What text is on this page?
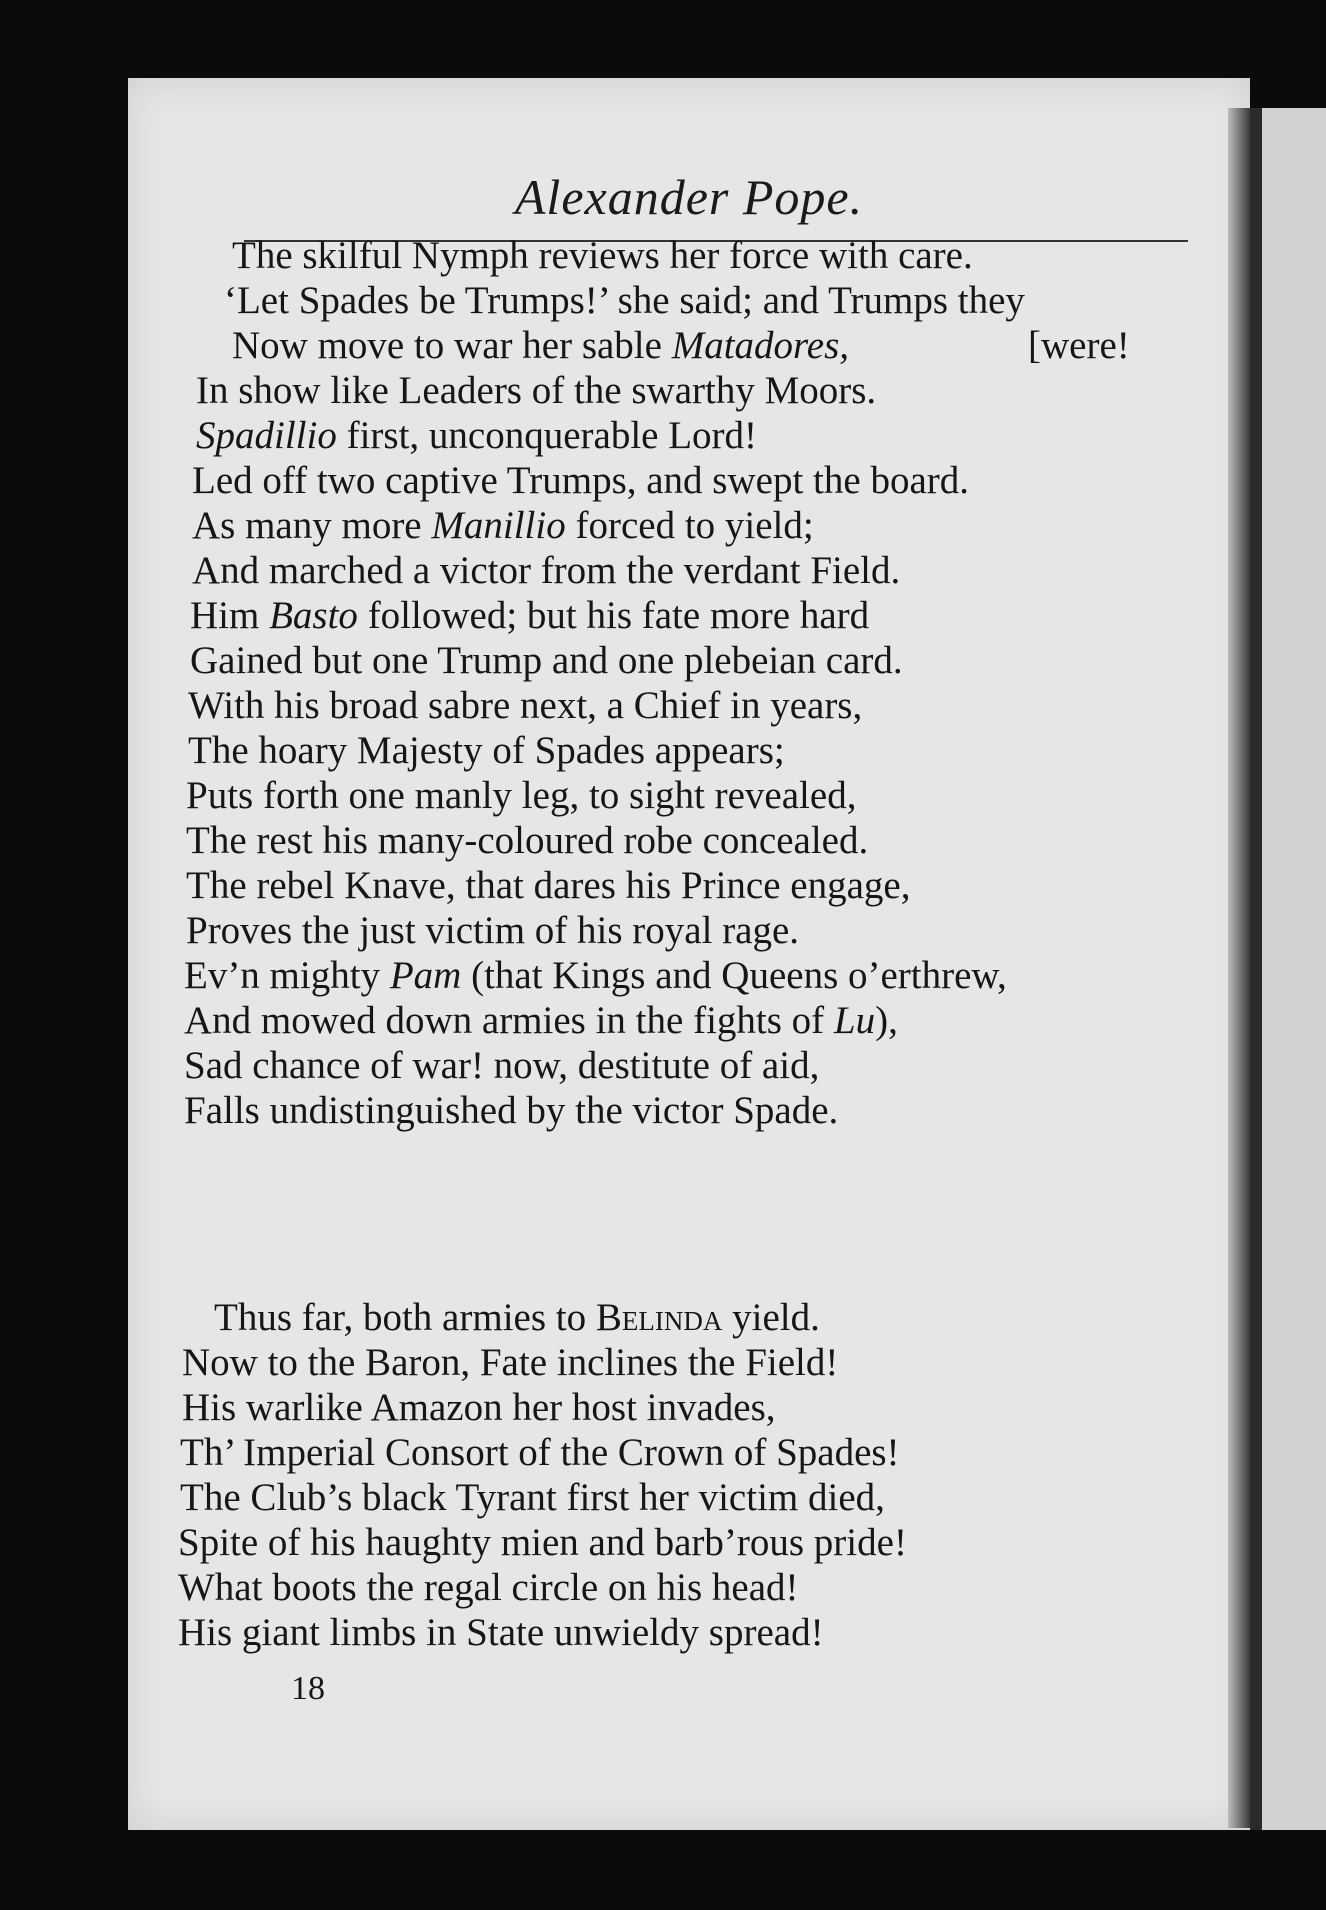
Alexander Pope.
The skilful Nymph reviews her force with care.
‘Let Spades be Trumps!’ she said; and Trumps they
Now move to war her sable Matadores,	[were!
In show like Leaders of the swarthy Moors.
Spadillio first, unconquerable Lord!
Led off two captive Trumps, and swept the board.
As many more Manillio forced to yield;
And marched a victor from the verdant Field.
Him Basto followed; but his fate more hard
Gained but one Trump and one plebeian card.
With his broad sabre next, a Chief in years,
The hoary Majesty of Spades appears;
Puts forth one manly leg, to sight revealed,
The rest his many-coloured robe concealed.
The rebel Knave, that dares his Prince engage,
Proves the just victim of his royal rage.
Ev’n mighty Pam (that Kings and Queens o’erthrew,
And mowed down armies in the fights of Lu),
Sad chance of war! now, destitute of aid,
Falls undistinguished by the victor Spade.
Thus far, both armies to Belinda yield.
Now to the Baron, Fate inclines the Field!
His warlike Amazon her host invades,
Th’ Imperial Consort of the Crown of Spades!
The Club’s black Tyrant first her victim died,
Spite of his haughty mien and barb’rous pride!
What boots the regal circle on his head!
His giant limbs in State unwieldy spread!
18
